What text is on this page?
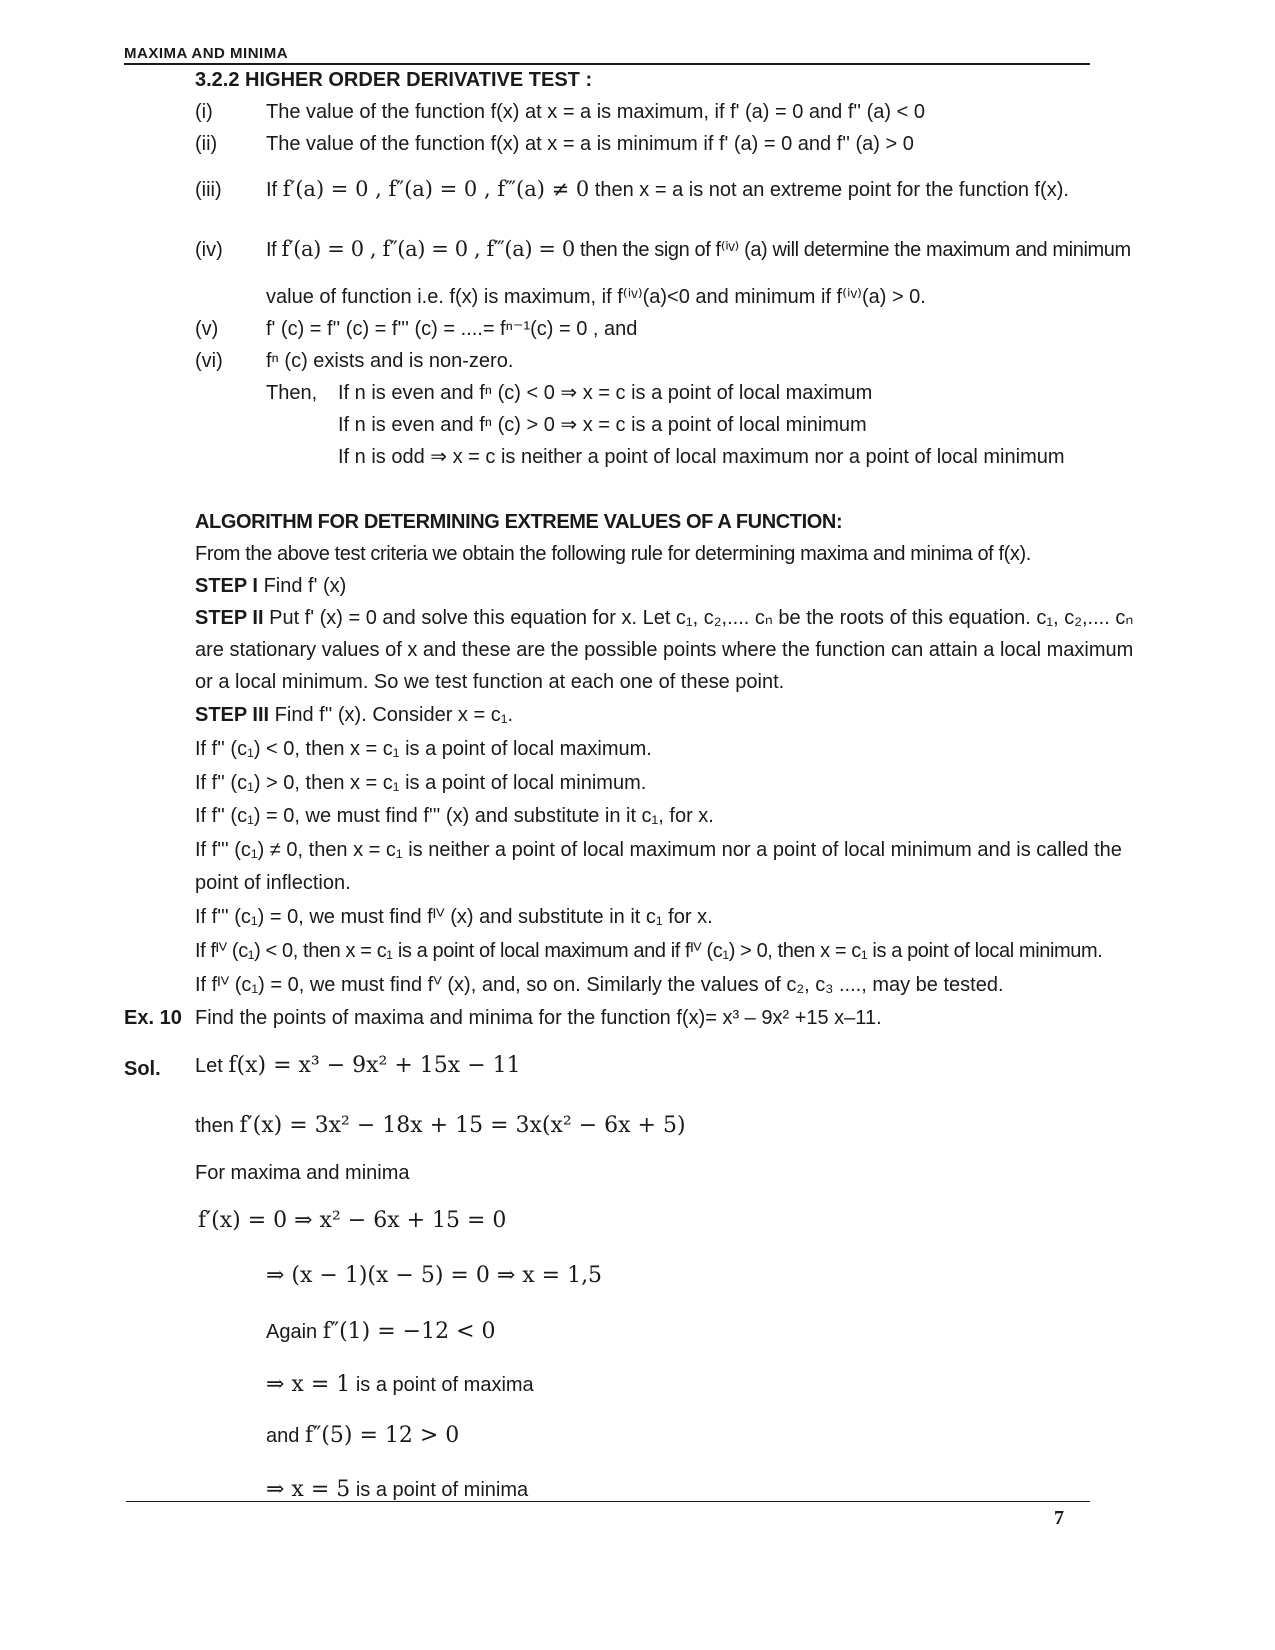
MAXIMA AND MINIMA
3.2.2 HIGHER ORDER DERIVATIVE TEST :
(i)	The value of the function f(x) at x = a is maximum, if f' (a) = 0 and f'' (a) < 0
(ii) The value of the function f(x) at x = a is minimum if f' (a) = 0 and f'' (a) > 0
(iii) If f′(a) = 0 , f″(a) = 0 , f‴(a) ≠ 0 then x = a is not an extreme point for the function f(x).
(iv) If f′(a) = 0 , f″(a) = 0 , f‴(a) = 0 then the sign of f⁽ⁱᵛ⁾ (a) will determine the maximum and minimum
value of function i.e. f(x) is maximum, if f⁽ⁱᵛ⁾(a)<0 and minimum if f⁽ⁱᵛ⁾(a) > 0.
(v) f' (c) = f'' (c) = f''' (c) = ....= fⁿ⁻¹(c) = 0 , and
(vi) fⁿ (c) exists and is non-zero.
Then, If n is even and fⁿ (c) < 0 ⇒ x = c is a point of local maximum
If n is even and fⁿ (c) > 0 ⇒ x = c is a point of local minimum
If n is odd ⇒ x = c is neither a point of local maximum nor a point of local minimum
ALGORITHM FOR DETERMINING EXTREME VALUES OF A FUNCTION:
From the above test criteria we obtain the following rule for determining maxima and minima of f(x).
STEP I Find f' (x)
STEP II Put f' (x) = 0 and solve this equation for x. Let c₁, c₂,.... cₙ be the roots of this equation. c₁, c₂,.... cₙ
are stationary values of x and these are the possible points where the function can attain a local maximum
or a local minimum. So we test function at each one of these point.
STEP III Find f'' (x). Consider x = c₁.
If f'' (c₁) < 0, then x = c₁ is a point of local maximum.
If f'' (c₁) > 0, then x = c₁ is a point of local minimum.
If f'' (c₁) = 0, we must find f''' (x) and substitute in it c₁, for x.
If f''' (c₁) ≠ 0, then x = c₁ is neither a point of local maximum nor a point of local minimum and is called the
point of inflection.
If f''' (c₁) = 0, we must find fᴵⱽ (x) and substitute in it c₁ for x.
If fᴵⱽ (c₁) < 0, then x = c₁ is a point of local maximum and if fᴵⱽ (c₁) > 0, then x = c₁ is a point of local minimum.
If fᴵⱽ (c₁) = 0, we must find fⱽ (x), and, so on. Similarly the values of c₂, c₃ ...., may be tested.
Ex. 10 Find the points of maxima and minima for the function f(x)= x³ – 9x² +15 x–11.
Sol. Let f(x) = x³ − 9x² + 15x − 11
then f′(x) = 3x² − 18x + 15 = 3x(x² − 6x + 5)
For maxima and minima
f′(x) = 0 ⇒ x² − 6x + 15 = 0
⇒ (x − 1)(x − 5) = 0 ⇒ x = 1,5
Again f″(1) = −12 < 0
⇒ x = 1 is a point of maxima
and f″(5) = 12 > 0
⇒ x = 5 is a point of minima
7
